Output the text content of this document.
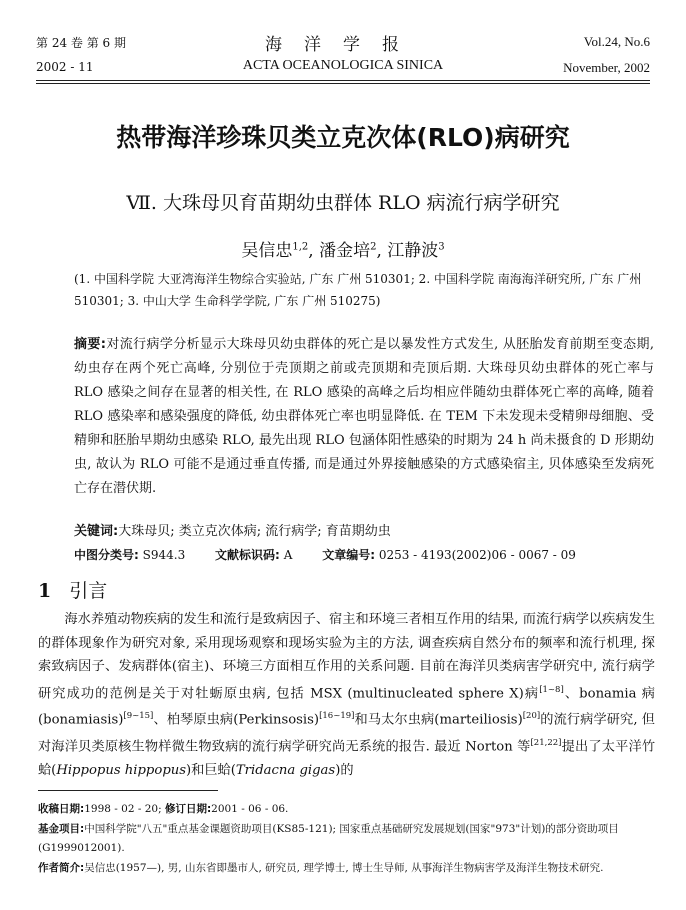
第 24 卷 第 6 期
2002 - 11
海洋学报
ACTA OCEANOLOGICA SINICA
Vol.24, No.6
November, 2002
热带海洋珍珠贝类立克次体(RLO)病研究
Ⅶ. 大珠母贝育苗期幼虫群体 RLO 病流行病学研究
吴信忠$^{1,2}$, 潘金培$^2$, 江静波$^3$
(1. 中国科学院 大亚湾海洋生物综合实验站, 广东 广州 510301; 2. 中国科学院 南海海洋研究所, 广东 广州 510301; 3. 中山大学 生命科学学院, 广东 广州 510275)
摘要:对流行病学分析显示大珠母贝幼虫群体的死亡是以暴发性方式发生, 从胚胎发育前期至变态期, 幼虫存在两个死亡高峰, 分别位于壳顶期之前或壳顶期和壳顶后期. 大珠母贝幼虫群体的死亡率与 RLO 感染之间存在显著的相关性, 在 RLO 感染的高峰之后均相应伴随幼虫群体死亡率的高峰, 随着 RLO 感染率和感染强度的降低, 幼虫群体死亡率也明显降低. 在 TEM 下未发现未受精卵母细胞、受精卵和胚胎早期幼虫感染 RLO, 最先出现 RLO 包涵体阳性感染的时期为 24 h 尚未摄食的 D 形期幼虫, 故认为 RLO 可能不是通过垂直传播, 而是通过外界接触感染的方式感染宿主, 贝体感染至发病死亡存在潜伏期.
关键词:大珠母贝; 类立克次体病; 流行病学; 育苗期幼虫
中图分类号: S944.3 文献标识码: A 文章编号: 0253 - 4193(2002)06 - 0067 - 09
1 引言
  海水养殖动物疾病的发生和流行是致病因子、宿主和环境三者相互作用的结果, 而流行病学以疾病发生的群体现象作为研究对象, 采用现场观察和现场实验为主的方法, 调查疾病自然分布的频率和流行机理, 探索致病因子、发病群体(宿主)、环境三方面相互作用的关系问题. 目前在海洋贝类病害学研究中, 流行病学研究成功的范例是关于对牡蛎原虫病, 包括 MSX (multinucleated sphere X)病[1~8]、bonamia 病(bonamiasis)[9~15]、柏琴原虫病(Perkinsosis)[16~19]和马太尔虫病(marteiliosis)[20]的流行病学研究, 但对海洋贝类原核生物样微生物致病的流行病学研究尚无系统的报告. 最近 Norton 等[21,22]提出了太平洋竹蛤(Hippopus hippopus)和巨蛤(Tridacna gigas)的
收稿日期:1998 - 02 - 20; 修订日期:2001 - 06 - 06.
基金项目:中国科学院"八五"重点基金课题资助项目(KS85-121); 国家重点基础研究发展规划(国家"973"计划)的部分资助项目(G1999012001).
作者简介:吴信忠(1957—), 男, 山东省即墨市人, 研究员, 理学博士, 博士生导师, 从事海洋生物病害学及海洋生物技术研究.
